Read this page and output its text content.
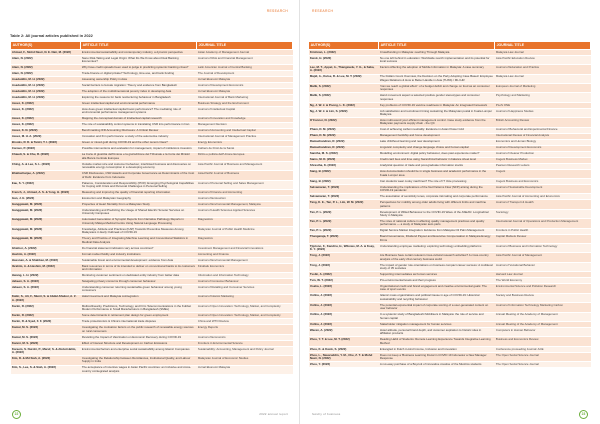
RESEARCH
Table 2: All journal articles published in 2022
AUTHOR(S)	ARTICLE TITLE	JOURNAL TITLE
Ahmad, F., Mohd Nasir, N. E. Nair, M. (2022)	Environmental sustainability and contemporary industry, a dynamic perspective	Asian Academy of Management Journal
Alam, N. (2022)	Nano Risk-Taking and Legal Origin: What Do We Know about Dual Banking Economies?	Journal of Risk and Financial Management
Alam, N. (2022)	Why have credit spreads been used to judge in predicting systemic banking crises?	Latin American Journal of Central Banking
Alam, N. (2022)	Trade-finance or digital private? Technology, time-use, and bank funding	The Journal of Development
Asaduddin, M. H. (2022)	Assessing ownership Policy in Asia	Jurnal Ekonomi Malaysia
Asaduddin, M. H. (2022)	Social barriers to female migration: Theory and evidence from Bangladesh	Journal of Development Economics
Asaduddin, M. H. (2022)	The adoption of the multidimensional poverty index in developing Asia	Jurnal Ekonomi Malaysia
Asaduddin, M. H. (2022)	Exploring the reasons for bank restructuring behaviour in Bangladesh	International Journal of Bank Marketing
Azeez, K. (2022)	Green intellectual capital and environmental performance	Business Strategy and the Environment
Azeez, K. (2022)	How does green intellectual capital boost performance? The mediating role of environmental performance management systems	Journal of Intellectual Capital
Azeez, K. (2022)	Mapping the conceptual domain of intellectual capital research	Journal of Innovation and Knowledge
Azeez, K. (2022)	The role of sustainability control systems in translating CSR into performance in Iran	Management Decision
Azeez, K. N. (2022)	Benchmarking IFR Accounting Disclosure: A Critical Review	Journal of Accounting and Intellectual Capital
Azeez, M. H. A. (2022)	Innovation and firm performance: a study of the automotive industry	International Journal of Management Practice
Brooks, R. D. & Tantri, T. I. (2022)	Green or mixed gold during COVID-19 and the other recent crises?	Energy Economics
Caroux, P. (2022)	Possible interventions and evaluation for management, impact of institutions investors	Cahiers de Droit de la Santé
Chaudi, S. & Chu, R. (2022)	La Corte di giustizia dell'Unione e la giurisdizione del Tribunale e la Corte dei Ministri alla Banca Centrale Europea	Diritto e politica dell'Unione Europea
Ching, A. & Lee, S. L. (2022)	Outside market size and customer behaviour, interlinked business and discoveries on renewable energy consumption in a developing economy	Asia Pacific Journal of Business and Management
Bhattacharjee, A. (2022)	CSR Disclosures, CSR Awards and Corporate Governance as Determinants of the Cost of Debt: Evidence from Indonesia	Asia-Pacific Journal of Business
Eau, S. Y. (2022)	Patience, Consideration and Responsibility (PCR): Emerging Psychological Capabilities for Coping with Crisis and Personal Challenges in Personal Selling	Journal of Personal Selling and Sales Management
French, J., Ahmad, A. S. & Yong, H. (2022)	Measuring and improving the quality of financial reporting information	Journal of Finance and Accounting
Gan, J. E. (2022)	Ecotourism and Malaysian Geography	Journal of Ecotourism
Ganggawati, M. (2022)	Properties of Heart Mortality From a Malaysian Study	Journal of Environmental Management, Malaysia
Ganggawati, M. (2022)	Understanding and Predicting the Usage of Shared Electric Scooter Services on University Campuses	Journal of Health Sciences Applied Sciences
Ganggawati, M. (2022)	Automated Generation of Synoptic Reports from Narrative Pathology Reports in University Malaya Medical Centre Using Natural Language Processing	Diagnostics
Ganggawati, M. (2022)	Knowledge, Attitude and Practices (KAP) Towards Preventive Measures Among Malaysians in Early Outbreak of COVID-19	Malaysian Journal of Public Health Medicine
Ganggawati, M. (2022)	Theory and Practice of Integrating Machine Learning and Conventional Statistics in Medical Data Analysis	Diagnostics
Ghafoor, A. (2022)	Do financial statement indicators vary across countries?	Investment Management and Financial Innovations
Hashim, A. (2022)	Formal market fluidity and industry institutions	Accounting and Finance
Hassnan, A. & Shahbaz, M. (2022)	Sustainable forest and environmental development: evidence from Asia	Journal of Environmental Management
Ibrahim, A. & Hashim, M. (2022)	Bank resources in terms of its intended to deliver on conventional banks to its customers and information	Kinabalu Economics
Hwang, L. H. (2022)	Monitoring customer sentiment on dedicated entity industry from twitter data	Information and Information Technology
Jabeen, S. A. (2022)	Navigating privacy concerns through consumer behaviour	Journal of Consumer Behaviour
Jabeen, S. A. (2022)	Understanding consumer returning sustainable green behaviour among young consumers	Journal of Retailing and Consumer Services
Kabir, S., Ali, F., Munir, S. & Abdul-Shukor, A. Z. A. (2022)	Halal investment and Malaysia cointegration	Journal of Islamic Marketing
Karim, R. (2022)	Multicollinearity, Predictions, Technology, and Firm Telecommunications in the Kubbet Modern Performance in Small Manufacturers in Bangladesh (SMEs)	Journal of Open Innovation: Technology, Market, and Complexity
Karim, R. (2022)	Some determinants in retirement plan design for green employment	Journal of Open Innovation: Technology, Market, and Complexity
Karim, R. & Syed, F. F. (2022)	Trade protectionism & China's international trade disputes	China and WTO Review
Kamal, M. S. (2022)	Investigating the motivation factors on the public research of renewable energy sources on rural consumers	Energy Reports
Kamal, M. S. (2022)	Revisiting the Impact of Vaccination on Economic Recovery during COVID-19	Journal of Economics
Kanmi, M. S. (2022)	Effect of Interest Structure and Development on Carbon Emissions	Frontiers in Environmental Science
Kareem, S. Nurohi, P., Maruf, S. & Abdul-Halim, A. (2022)	Environmental factors and enterprise social sustainability among Islamic Companies	Sustainability: Accounting, Management and Policy Journal
Kim, D. & Md Siah, A. (2022)	Investigating the Relationship between Remittances, Institutional Quality, and Labour Supply in India	Malaysian Journal of Economic Studies
Kim, S., Lee, S. & Siah, A. (2022)	The acceptance of incentive wages in Asian Pacific countries: an Inclusive and cross-country cointegrated analysis	Jurnal Ekonomi Malaysia
22	2022 annual report
RESEARCH
AUTHOR(S)	ARTICLE TITLE	JOURNAL TITLE
Krishnan, L. (2022)	Crowdfunding in Malaysia: reaching Through Malaysia	Malaysia Law Journal
Kwok, H. (2022)	No one left behind in education: Worldwide rearch implementation and its potential for local success	Asia Pacific Education Review
Lee, M. T., Appel, A., Thangavelu, Y. G., & Saba, A. (2022)	Factors Affecting the adoption of Mobile Information in Malaysia: A case summary	Journal of Education and Practice
Majid, A., Kuloe, R. & Lee, M. T. (2022)	The Dollars Count Overview, the Decision on the Party Adopting Case Based: Employee Wages Relations & How to Better Handle in Asia (THSS) / MLI HR	Malaysia Law Journal
Malik, S. (2022)	'Can we reach a global effect': of a budget deficit and change on food as an consumer responses	European Journal of Marketing
Malik, S. (2022)	Hand movement aspect a selected positive gender stereotypes and consumer responses	Psychology and Marketing
Ng, J. W. J. & Poong, L. K. (2022)	Key problems of COVID-19 vaccine readiness in Malaysia: An integrated framework	PLoS ONE
Ng, J. W. J. & Lim, S. (2022)	Job satisfaction and recruitment timing sustaining the Malaysian postal in Kuala Lumpur Malaysia	Journal of Happiness Studies
O'Connor, N. (2022)	How multi-sound your efficient management control. Case study evidence from the Malaysian payments supply chain - the QC	British Accounting Review
Pham, D. M. (2022)	Cost of achieving carbon neutrality: Evidence in Asian Power Grid	Journal of Behavioral and Experimental Finance
Pham, D. M. (2022)	Management hardship and home development	International Review of Financial Analysis
Ramachandran, R. (2022)	Lake childhood learning and new development	Economics and Human Biology
Ramachandran, R. (2022)	Linguistic complexity and change language choice and human capital	Journal of Development Economics
Samiha, M. S. (2022)	Modelling environment: digital policy behaviour, does past experience matter?	Journal of Cleaner Production
Sams, M. D. (2022)	Credit card fees and time using hierarchical behavior in balance sheet level	Cogent Business Market
Shrestha, K. (2022)	Analytical question of trade and post-graduate information stocks	Pearson Research Letters
Sang, B. (2022)	How documentation should be in single business and academic performance in the Kuala Lumpur area	Cogent
Sang, B. (2022)	Can students wear cooky machines? The role of IT Vote processing	Cogent Business and Economics
Selvamaran, T. (2022)	Understanding the implications of the Net Patterns Flow (NFP) arising during the COVID-19 pandemic	Journal of Sustainable Development
Selvamaran, T. (2022)	The association of sensitivity tones, corporate risk taking and corporate performance	Asia Pacific Journal of Accounting and Economics
Tang, K. E., Tan, P. L., Lim, W. M. (2022)	Perspectives for mobility among older adults living with different limbs and machine patterns	Journal of Transport & Health
Tan, P. L. (2022)	Development of Willed Behaviour to the COVID-19 Wave of the ASEAN: Longitudinal Study in Malaysia	Sociology
Tan, P. L. (2022)	The roles of national culture in affecting quality management practices and quality performance — a study of Malaysian auto parts	International Journal of Operations and Production Management
Tan, P. L. (2022)	Digital Service Market Integration: Evidence from Malaysia Oil Palm Management	Frontiers in Public Health
Thangaraja, T. (2022)	Board Governance, Dividend Payout and Executive Compensation in Malaysia Energy Firms	Capital Markets Review
Tjiptono, F., Kandiru, H., Wibowo, M. A. & Koay, K. Y. (2022)	Understanding employee marketing: exploring technology embedding platforms	Journal of Business and Information Technology
Tong, J. (2022)	Are Business have certain relevant cross-cultural research activities? A cross-country analysis of the early 21st century business world	Asia Pacific Journal of Management
Tong, J. (2022)	The impact of gender role orientations on business compact career success: A multilevel study of 35 societies	Journal of Vocational Behavior
Tsolin, A. (2022)	Supporting intermediates as human services	Harvard Law Journal
Tsin, W. T. (2022)	Pro-environmental levels and their progress	The World Economy
Usaha, L. (2022)	Organizational credit and brand engagement and creative environmental goals: The case of sport events	Environmental Science and Pollution Research
Ushha, J. (2022)	Islamic mass organizations and political Cause in age of COVID-19: Historical sustainability and recycling behaviour	Society and Business Review
Ushha, J. (2022)	The potential exponential impact of corporate scoring of a user-generated content on user behavior	Journal of Information Technology Marketing Carbon
Ushha, J. (2022)	In a systemic study of Bangladeshi Mobilisers in Malaysia: the role of service and human capital	Annual Meeting of the Academy of Management
Ushha, J. (2022)	Stakeholder mitigation management for human services	Annual Meeting of the Academy of Management
Wazen, A. (2022)	Hotel attitude, personal brand depth, and customer aspiration to historic sites in affiliation products	Computers in Human Behavior
Zhou, Y. T. & Lee, M. T. (2022)	Reading Habit of Students: Remote Learning Experience Towards Integrative Learning Method	Business and Economics Review
Zhou, K. & Kwok, S. (2022)	Entangled in Dutch in-kind Income, Inclusion and Innovation	Conference proceeding Journal: ACE
Zhou, L., Nasaruddin, Y. M., Che, Z. T. & Mohd Nasir, N. (2022)	Does not keep a 'Business Learning Fiscal in COVID 19 Indonesia' a New Manager Response	The Open Social Science Journal
Zhou, Y. (2022)	A not-easy purchase of a Boycott of innovative creative of the Muslims students	The Open Social Science Journal
faculty of business	23
